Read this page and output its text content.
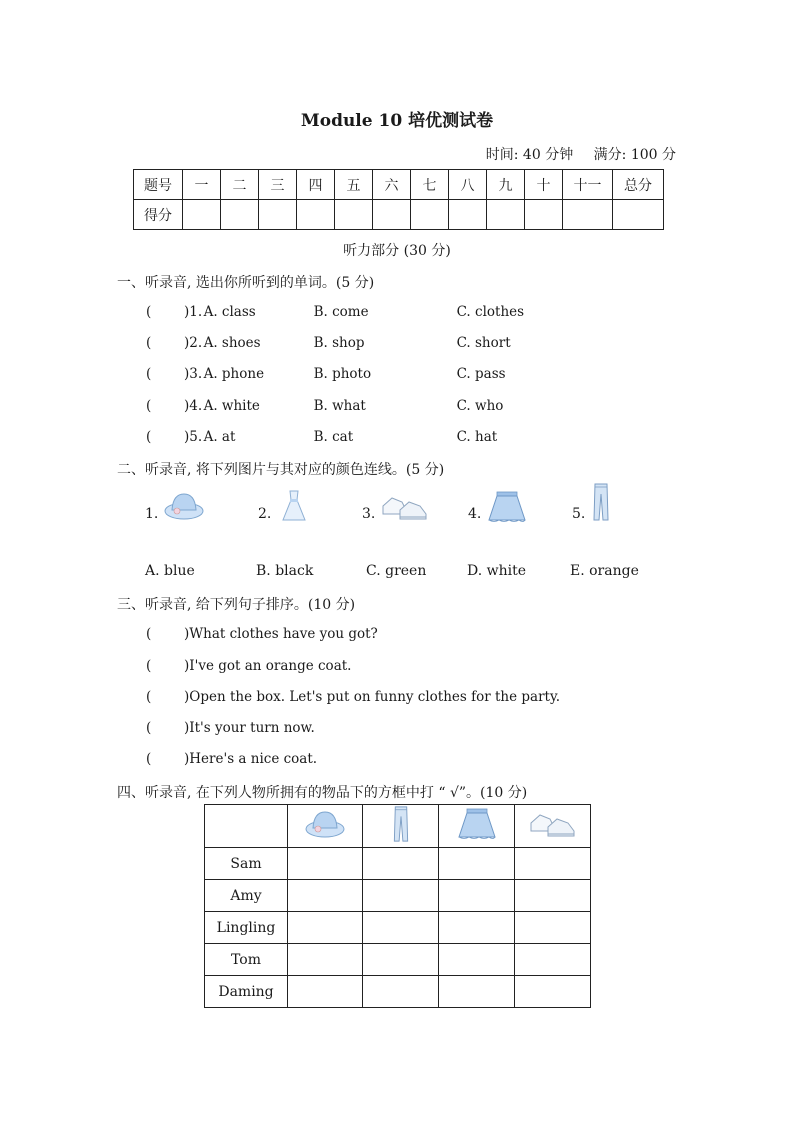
Module 10 培优测试卷
时间: 40 分钟 满分: 100 分
题号	一	二	三	四	五	六	七	八	九	十	十一	总分
得分												
听力部分 (30 分)
一、听录音, 选出你所听到的单词。(5 分)
( )1. A. class	B. come	C. clothes
( )2. A. shoes	B. shop	C. short
( )3. A. phone	B. photo	C. pass
( )4. A. white	B. what	C. who
( )5. A. at	B. cat	C. hat
二、听录音, 将下列图片与其对应的颜色连线。(5 分)
1.	2.	3.	4.	5.
A. blue	B. black	C. green	D. white	E. orange
三、听录音, 给下列句子排序。(10 分)
( )What clothes have you got?
( )I've got an orange coat.
( )Open the box. Let's put on funny clothes for the party.
( )It's your turn now.
( )Here's a nice coat.
四、听录音, 在下列人物所拥有的物品下的方框中打 “ √”。(10 分)

Sam				
Amy				
Lingling				
Tom				
Daming				
